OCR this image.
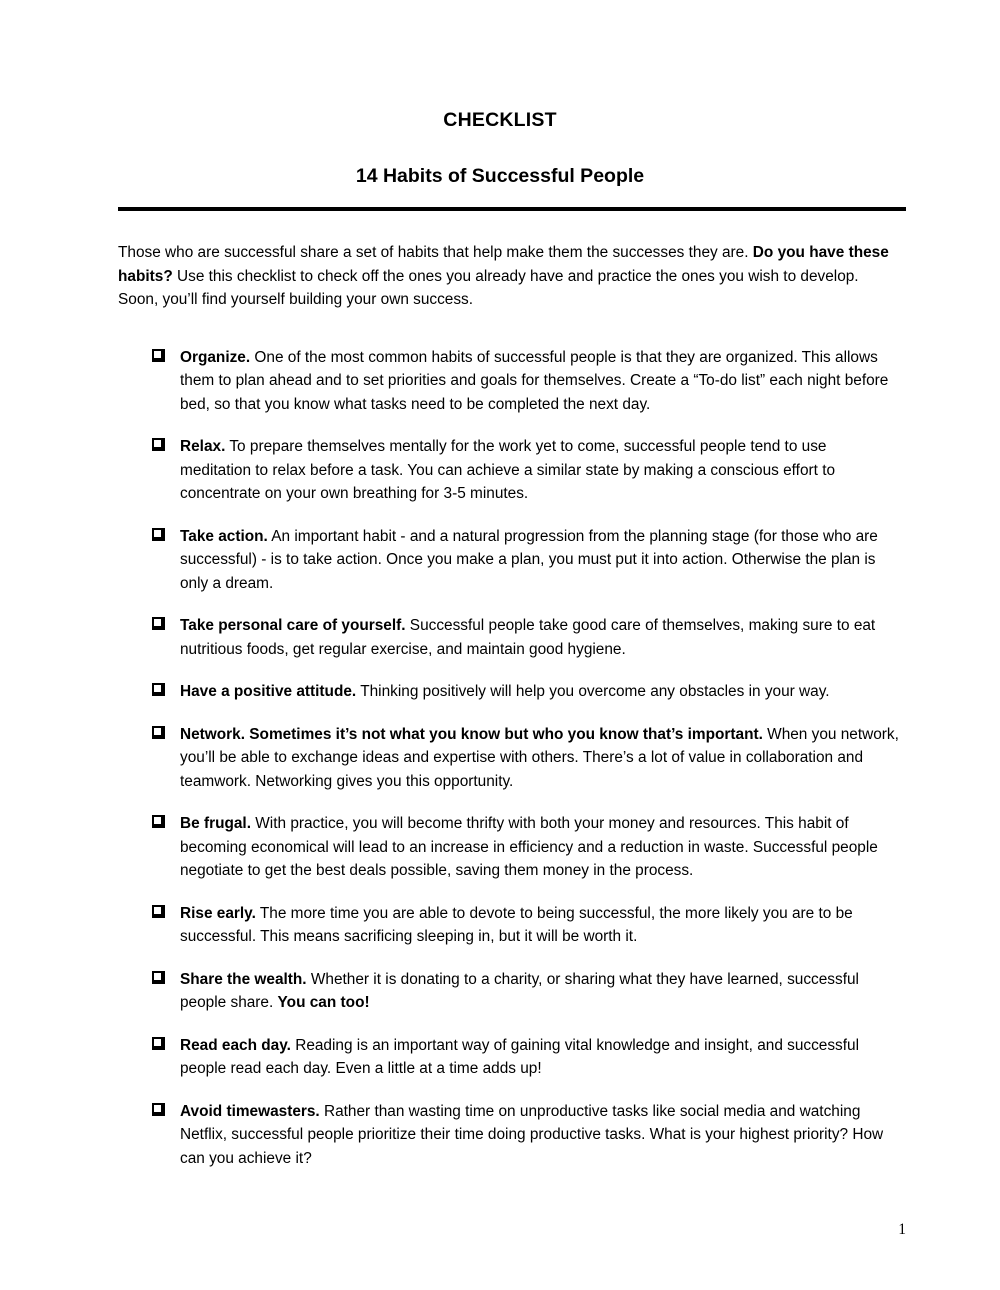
CHECKLIST
14 Habits of Successful People

Those who are successful share a set of habits that help make them the successes they are. Do you have these habits? Use this checklist to check off the ones you already have and practice the ones you wish to develop. Soon, you’ll find yourself building your own success.

Organize. One of the most common habits of successful people is that they are organized. This allows them to plan ahead and to set priorities and goals for themselves. Create a “To-do list” each night before bed, so that you know what tasks need to be completed the next day.
Relax. To prepare themselves mentally for the work yet to come, successful people tend to use meditation to relax before a task. You can achieve a similar state by making a conscious effort to concentrate on your own breathing for 3-5 minutes.
Take action. An important habit - and a natural progression from the planning stage (for those who are successful) - is to take action. Once you make a plan, you must put it into action. Otherwise the plan is only a dream.
Take personal care of yourself. Successful people take good care of themselves, making sure to eat nutritious foods, get regular exercise, and maintain good hygiene.
Have a positive attitude. Thinking positively will help you overcome any obstacles in your way.
Network. Sometimes it’s not what you know but who you know that’s important. When you network, you’ll be able to exchange ideas and expertise with others. There’s a lot of value in collaboration and teamwork. Networking gives you this opportunity.
Be frugal. With practice, you will become thrifty with both your money and resources. This habit of becoming economical will lead to an increase in efficiency and a reduction in waste. Successful people negotiate to get the best deals possible, saving them money in the process.
Rise early. The more time you are able to devote to being successful, the more likely you are to be successful. This means sacrificing sleeping in, but it will be worth it.
Share the wealth. Whether it is donating to a charity, or sharing what they have learned, successful people share. You can too!
Read each day. Reading is an important way of gaining vital knowledge and insight, and successful people read each day. Even a little at a time adds up!
Avoid timewasters. Rather than wasting time on unproductive tasks like social media and watching Netflix, successful people prioritize their time doing productive tasks. What is your highest priority? How can you achieve it?
1
